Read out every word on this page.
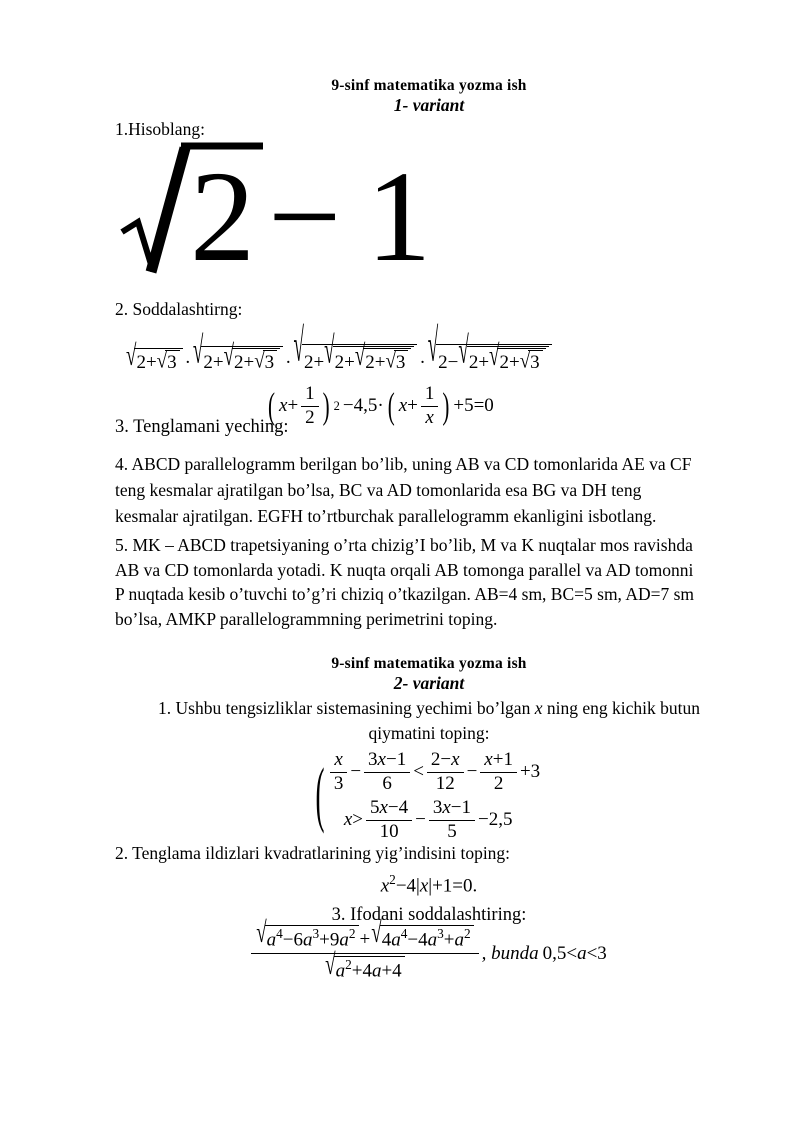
9-sinf matematika yozma ish
1- variant
1.Hisoblang:
2 − 1
2. Soddalashtirng:
√2+√3 · √2+√2+√3 · √2+√2+√2+√3 · √2−√2+√2+√3
3. Tenglamani yeching:
( $x+ \frac{1}{2}$ ) 2 −4,5· ( $x+ \frac{1}{x}$ ) +5=0
4. ABCD parallelogramm berilgan bo’lib, uning AB va CD tomonlarida AE va CF
teng kesmalar ajratilgan bo’lsa, BC va AD tomonlarida esa BG va DH teng
kesmalar ajratilgan. EGFH to’rtburchak parallelogramm ekanligini isbotlang.
5. MK – ABCD trapetsiyaning o’rta chizig’I bo’lib, M va K nuqtalar mos ravishda
AB va CD tomonlarda yotadi. K nuqta orqali AB tomonga parallel va AD tomonni
P nuqtada kesib o’tuvchi to’g’ri chiziq o’tkazilgan. AB=4 sm, BC=5 sm, AD=7 sm
bo’lsa, AMKP parallelogrammning perimetrini toping.
9-sinf matematika yozma ish
2- variant
1. Ushbu tengsizliklar sistemasining yechimi bo’lgan x ning eng kichik butun
qiymatini toping:
( $\frac{x}{3} - \frac{3x-1}{6} < \frac{2-x}{12} - \frac{x+1}{2} +3$

$x> \frac{5x-4}{10} - \frac{3x-1}{5} -2,5$
2. Tenglama ildizlari kvadratlarining yig’indisini toping:
$x^2-4|x|+1=0$.
3. Ifodani soddalashtiring:
$\frac{√a^4-6a^3+9a^2 +√4a^4-4a^3+a^2}{√a^2+4a+4}$ , bunda 0,5<a<3
